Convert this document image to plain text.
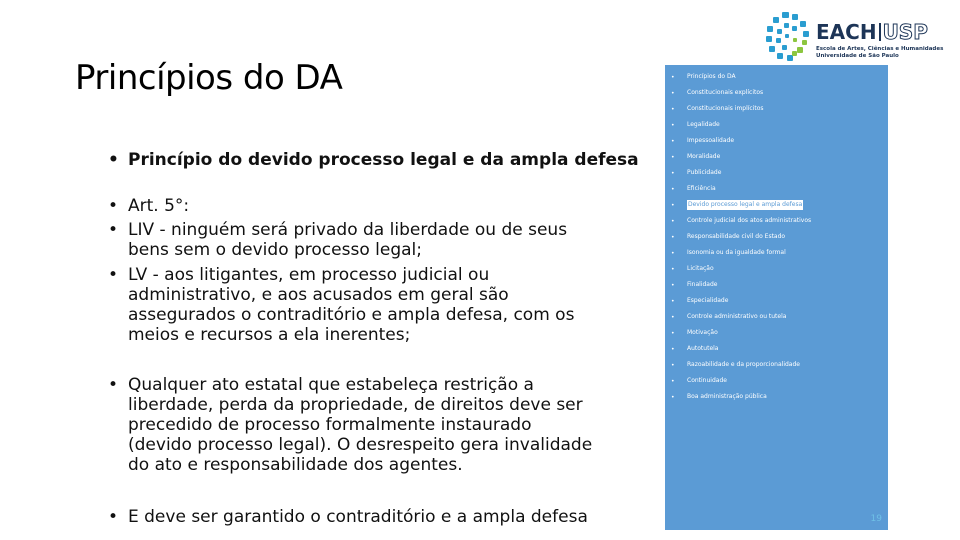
Princípios do DA
• Princípio do devido processo legal e da ampla defesa
• Art. 5°:
• LIV - ninguém será privado da liberdade ou de seus
bens sem o devido processo legal;
• LV - aos litigantes, em processo judicial ou
administrativo, e aos acusados em geral são
assegurados o contraditório e ampla defesa, com os
meios e recursos a ela inerentes;
• Qualquer ato estatal que estabeleça restrição a
liberdade, perda da propriedade, de direitos deve ser
precedido de processo formalmente instaurado
(devido processo legal). O desrespeito gera invalidade
do ato e responsabilidade dos agentes.
• E deve ser garantido o contraditório e a ampla defesa
EACH USP
Escola de Artes, Ciências e Humanidades
Universidade de São Paulo
• Princípios do DA
• Constitucionais explícitos
• Constitucionais implícitos
• Legalidade
• Impessoalidade
• Moralidade
• Publicidade
• Eficiência
• Devido processo legal e ampla defesa
• Controle judicial dos atos administrativos
• Responsabilidade civil do Estado
• Isonomia ou da igualdade formal
• Licitação
• Finalidade
• Especialidade
• Controle administrativo ou tutela
• Motivação
• Autotutela
• Razoabilidade e da proporcionalidade
• Continuidade
• Boa administração pública
19
